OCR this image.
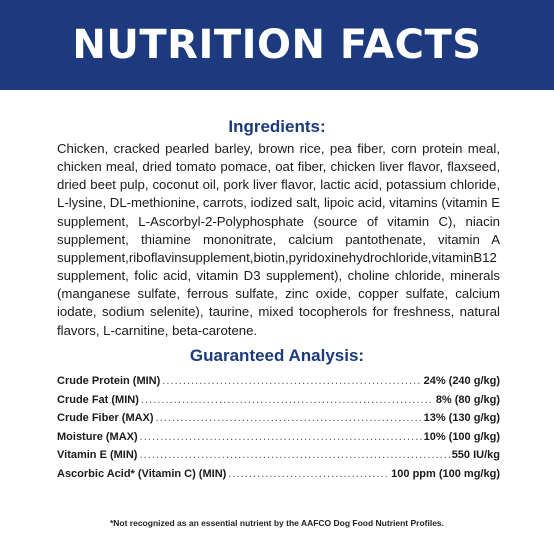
NUTRITION FACTS
Ingredients:

Chicken, cracked pearled barley, brown rice, pea fiber, corn protein meal, chicken meal, dried tomato pomace, oat fiber, chicken liver flavor, flaxseed, dried beet pulp, coconut oil, pork liver flavor, lactic acid, potassium chloride, L-lysine, DL-methionine, carrots, iodized salt, lipoic acid, vitamins (vitamin E supplement, L-Ascorbyl-2-Polyphosphate (source of vitamin C), niacin supplement, thiamine mononitrate, calcium pantothenate, vitamin A supplement,riboflavinsupplement,biotin,pyridoxinehydrochloride,vitaminB12 supplement, folic acid, vitamin D3 supplement), choline chloride, minerals (manganese sulfate, ferrous sulfate, zinc oxide, copper sulfate, calcium iodate, sodium selenite), taurine, mixed tocopherols for freshness, natural flavors, L-carnitine, beta-carotene.

Guaranteed Analysis:
Crude Protein (MIN) . . .	24% (240 g/kg)
Crude Fat (MIN) . . .	8% (80 g/kg)
Crude Fiber (MAX) . . .	13% (130 g/kg)
Moisture (MAX) . . .	10% (100 g/kg)
Vitamin E (MIN) . . .	550 IU/kg
Ascorbic Acid* (Vitamin C) (MIN) . . .	100 ppm (100 mg/kg)

*Not recognized as an essential nutrient by the AAFCO Dog Food Nutrient Profiles.
